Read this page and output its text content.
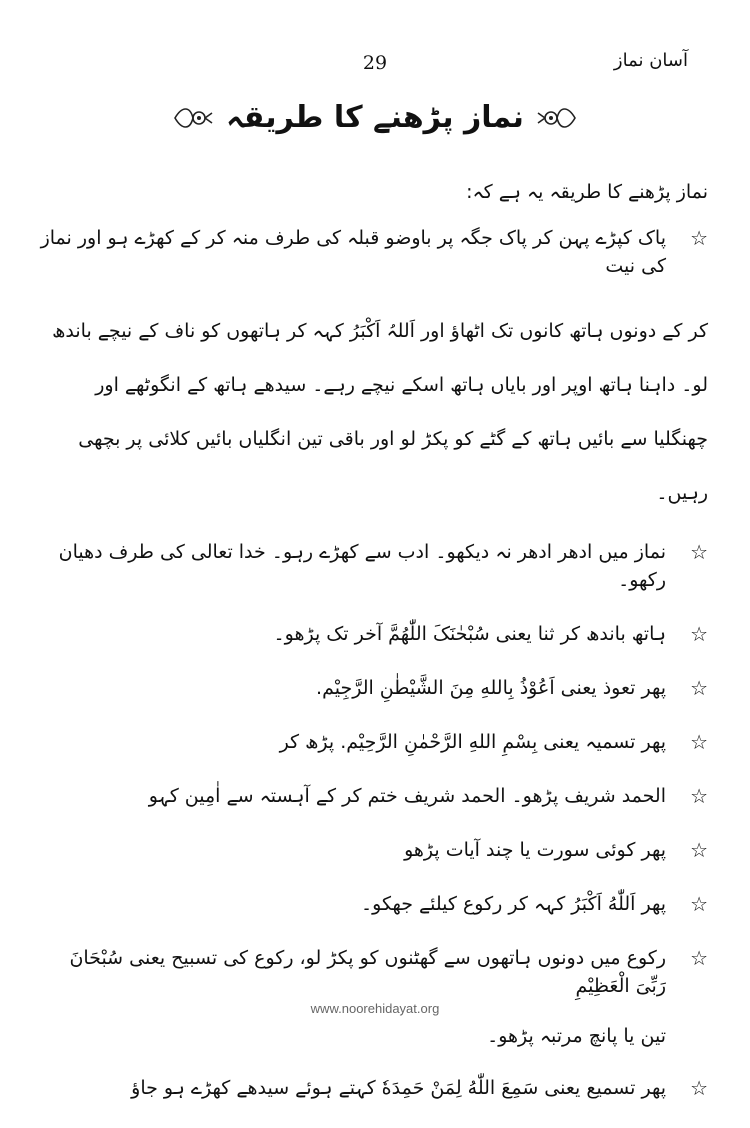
آسان نماز
29
نماز پڑھنے کا طریقہ

نماز پڑھنے کا طریقہ یہ ہے کہ:

☆
پاک کپڑے پہن کر پاک جگہ پر باوضو قبلہ کی طرف منہ کر کے کھڑے ہو اور نماز کی نیت
کر کے دونوں ہاتھ کانوں تک اٹھاؤ اور اَللہُ اَکْبَرُ کہہ کر ہاتھوں کو ناف کے نیچے باندھ لو۔ داہنا ہاتھ اوپر اور بایاں ہاتھ اسکے نیچے رہے۔ سیدھے ہاتھ کے انگوٹھے اور چھنگلیا سے بائیں ہاتھ کے گٹے کو پکڑ لو اور باقی تین انگلیاں بائیں کلائی پر بچھی رہیں۔
☆
نماز میں ادھر ادھر نہ دیکھو۔ ادب سے کھڑے رہو۔ خدا تعالی کی طرف دھیان رکھو۔
☆
ہاتھ باندھ کر ثنا یعنی سُبْحٰنَکَ اللّٰھُمَّ آخر تک پڑھو۔
☆
پھر تعوذ یعنی اَعُوْذُ بِاللهِ مِنَ الشَّیْطٰنِ الرَّجِیْم.
☆
پھر تسمیہ یعنی بِسْمِ اللهِ الرَّحْمٰنِ الرَّحِیْم. پڑھ کر
☆
الحمد شریف پڑھو۔ الحمد شریف ختم کر کے آہستہ سے اٰمِین کہو
☆
پھر کوئی سورت یا چند آیات پڑھو
☆
پھر اَللّٰهُ اَکْبَرُ کہہ کر رکوع کیلئے جھکو۔
☆
رکوع میں دونوں ہاتھوں سے گھٹنوں کو پکڑ لو، رکوع کی تسبیح یعنی سُبْحَانَ رَبِّیَ الْعَظِیْمِ
تین یا پانچ مرتبہ پڑھو۔
☆
پھر تسمیع یعنی سَمِعَ اللّٰهُ لِمَنْ حَمِدَهٗ کہتے ہوئے سیدھے کھڑے ہو جاؤ
www.noorehidayat.org
